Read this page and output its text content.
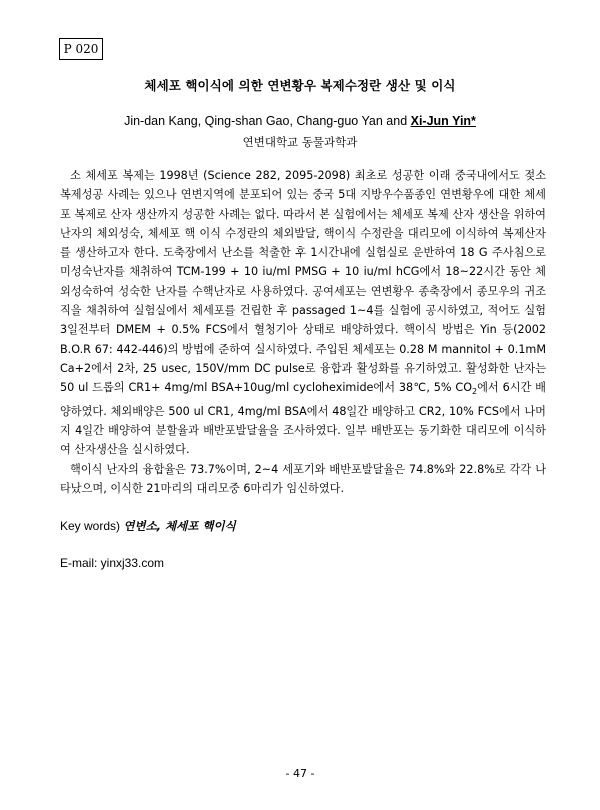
P 020
체세포 핵이식에 의한 연변황우 복제수정란 생산 및 이식
Jin-dan Kang, Qing-shan Gao, Chang-guo Yan and Xi-Jun Yin*
연변대학교 동물과학과

소 체세포 복제는 1998년 (Science 282, 2095-2098) 최초로 성공한 이래 중국내에서도 젖소 복제성공 사례는 있으나 연변지역에 분포되어 있는 중국 5대 지방우수품종인 연변황우에 대한 체세포 복제로 산자 생산까지 성공한 사례는 없다. 따라서 본 실험에서는 체세포 복제 산자 생산을 위하여 난자의 체외성숙, 체세포 핵 이식 수정란의 체외발달, 핵이식 수정란을 대리모에 이식하여 복제산자를 생산하고자 한다. 도축장에서 난소를 척출한 후 1시간내에 실험실로 운반하여 18 G 주사침으로 미성숙난자를 채취하여 TCM-199 + 10 iu/ml PMSG + 10 iu/ml hCG에서 18~22시간 동안 체외성숙하여 성숙한 난자를 수핵난자로 사용하였다. 공여세포는 연변황우 종축장에서 종모우의 귀조직을 채취하여 실험실에서 체세포를 건립한 후 passaged 1~4를 실험에 공시하였고, 적어도 실험 3일전부터 DMEM + 0.5% FCS에서 혈청기아 상태로 배양하였다. 핵이식 방법은 Yin 등(2002 B.O.R 67: 442-446)의 방법에 준하여 실시하였다. 주입된 체세포는 0.28 M mannitol + 0.1mM Ca+2에서 2차, 25 usec, 150V/mm DC pulse로 융합과 활성화를 유기하였고. 활성화한 난자는 50 ul 드롭의 CR1+ 4mg/ml BSA+10ug/ml cycloheximide에서 38℃, 5% $CO_2$에서 6시간 배양하였다. 체외배양은 500 ul CR1, 4mg/ml BSA에서 48일간 배양하고 CR2, 10% FCS에서 나머지 4일간 배양하여 분할율과 배반포발달율을 조사하였다. 일부 배반포는 동기화한 대리모에 이식하여 산자생산을 실시하였다.

핵이식 난자의 융합율은 73.7%이며, 2~4 세포기와 배반포발달율은 74.8%와 22.8%로 각각 나타났으며, 이식한 21마리의 대리모중 6마리가 임신하였다.

Key words) 연변소, 체세포 핵이식
E-mail: yinxj33.com
- 47 -
